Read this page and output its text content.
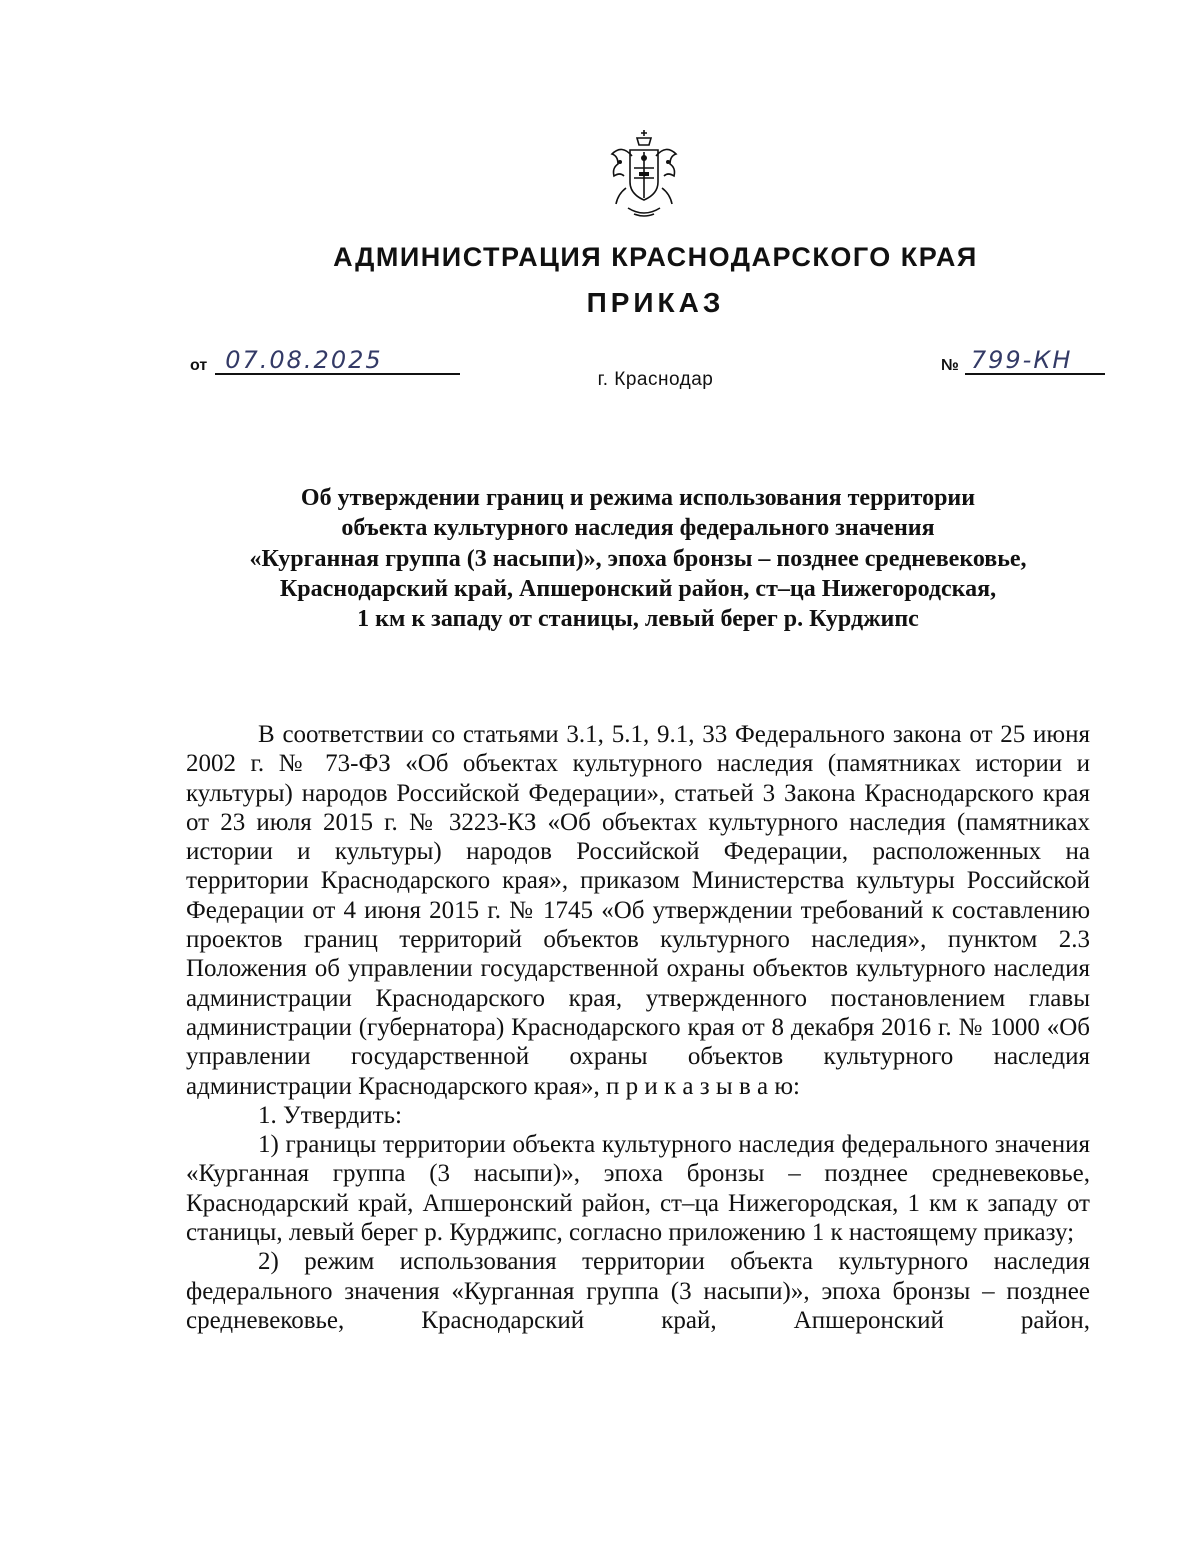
АДМИНИСТРАЦИЯ КРАСНОДАРСКОГО КРАЯ
ПРИКАЗ
от 07.08.2025	№ 799-КН
г. Краснодар
Об утверждении границ и режима использования территории
объекта культурного наследия федерального значения
«Курганная группа (3 насыпи)», эпоха бронзы – позднее средневековье,
Краснодарский край, Апшеронский район, ст–ца Нижегородская,
1 км к западу от станицы, левый берег р. Курджипс
В соответствии со статьями 3.1, 5.1, 9.1, 33 Федерального закона от 25 июня 2002 г. № 73-ФЗ «Об объектах культурного наследия (памятниках истории и культуры) народов Российской Федерации», статьей 3 Закона Краснодарского края от 23 июля 2015 г. № 3223-КЗ «Об объектах культурного наследия (памятниках истории и культуры) народов Российской Федерации, расположенных на территории Краснодарского края», приказом Министерства культуры Российской Федерации от 4 июня 2015 г. № 1745 «Об утверждении требований к составлению проектов границ территорий объектов культурного наследия», пунктом 2.3 Положения об управлении государственной охраны объектов культурного наследия администрации Краснодарского края, утвержденного постановлением главы администрации (губернатора) Краснодарского края от 8 декабря 2016 г. № 1000 «Об управлении государственной охраны объектов культурного наследия администрации Краснодарского края», п р и к а з ы в а ю:
1. Утвердить:
1) границы территории объекта культурного наследия федерального значения «Курганная группа (3 насыпи)», эпоха бронзы – позднее средневековье, Краснодарский край, Апшеронский район, ст–ца Нижегородская, 1 км к западу от станицы, левый берег р. Курджипс, согласно приложению 1 к настоящему приказу;
2) режим использования территории объекта культурного наследия федерального значения «Курганная группа (3 насыпи)», эпоха бронзы – позднее средневековье, Краснодарский край, Апшеронский район,
